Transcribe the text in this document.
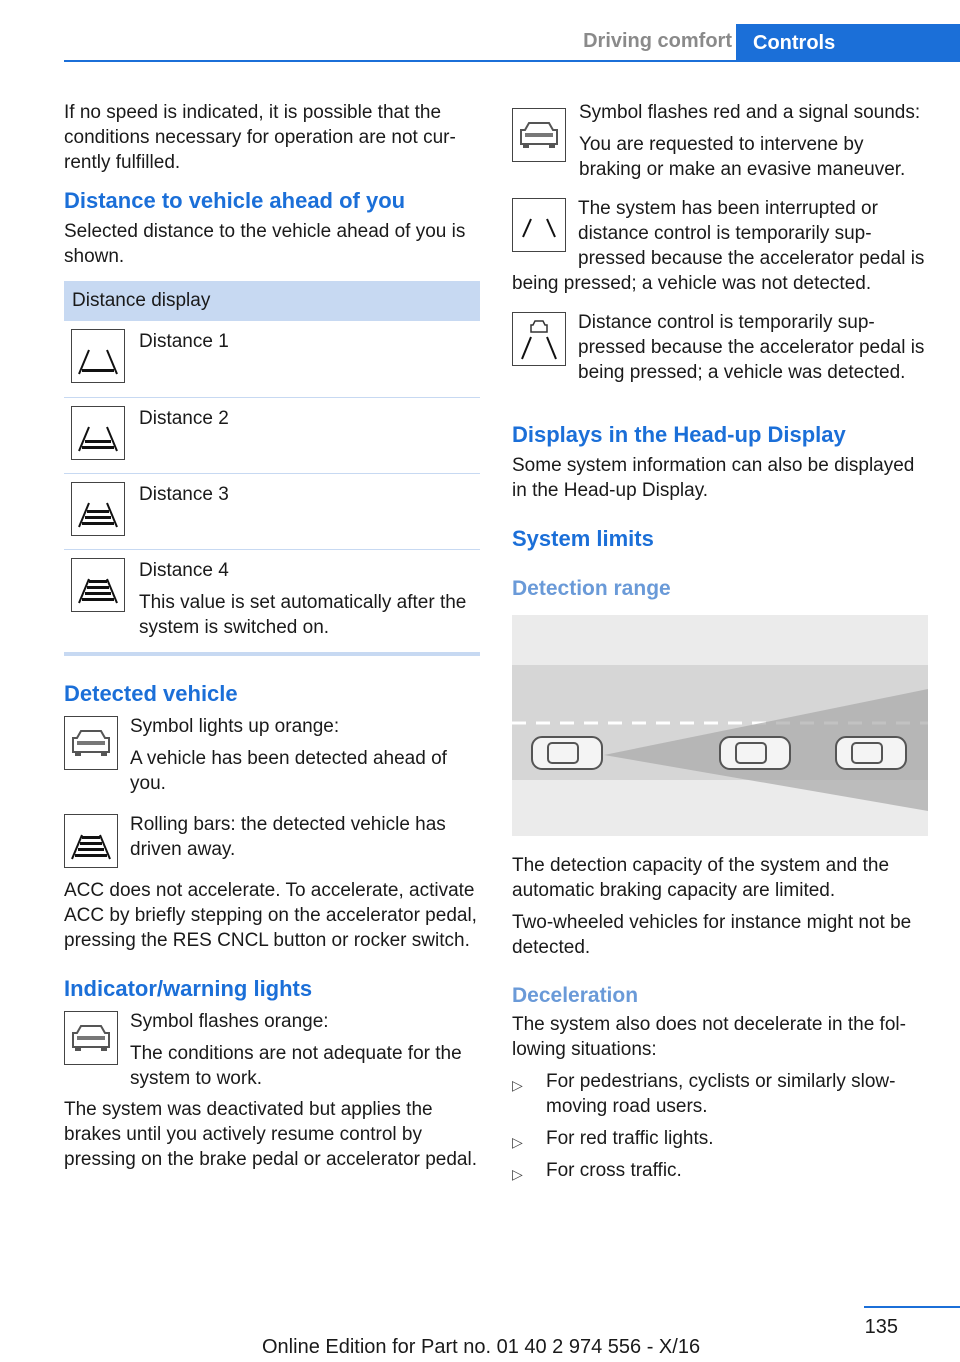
Driving comfort	Controls

If no speed is indicated, it is possible that the conditions necessary for operation are not currently fulfilled.

Distance to vehicle ahead of you

Selected distance to the vehicle ahead of you is shown.

Distance display	

	Distance 1

	Distance 2

	Distance 3

Distance 4
This value is set automatically after the system is switched on.
Detected vehicle

Symbol lights up orange:

A vehicle has been detected ahead of you.

Rolling bars: the detected vehicle has driven away.

ACC does not accelerate. To accelerate, activate ACC by briefly stepping on the accelerator pedal, pressing the RES CNCL button or rocker switch.

Indicator/warning lights

Symbol flashes orange:

The conditions are not adequate for the system to work.

The system was deactivated but applies the brakes until you actively resume control by pressing on the brake pedal or accelerator pedal.

Symbol flashes red and a signal sounds:

You are requested to intervene by braking or make an evasive maneuver.

The system has been interrupted or distance control is temporarily suppressed because the accelerator pedal is being pressed; a vehicle was not detected.

Distance control is temporarily suppressed because the accelerator pedal is being pressed; a vehicle was detected.

Displays in the Head-up Display

Some system information can also be displayed in the Head-up Display.

System limits
Detection range

The detection capacity of the system and the automatic braking capacity are limited.

Two-wheeled vehicles for instance might not be detected.

Deceleration

The system also does not decelerate in the following situations:

▷ For pedestrians, cyclists or similarly slow-moving road users.
▷ For red traffic lights.
▷ For cross traffic.
135
Online Edition for Part no. 01 40 2 974 556 - X/16
